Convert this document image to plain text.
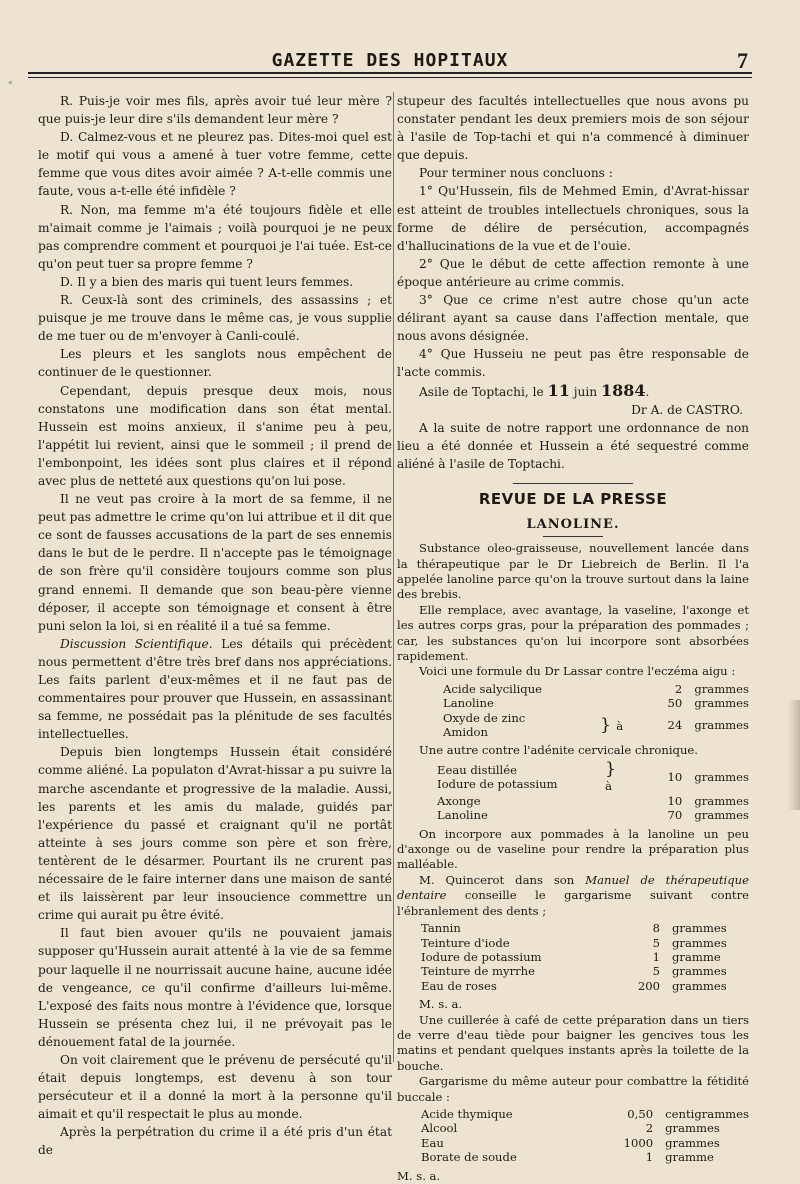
«
GAZETTE DES HOPITAUX	7

R. Puis-je voir mes fils, après avoir tué leur mère ? que puis-je leur dire s'ils demandent leur mère ?

D. Calmez-vous et ne pleurez pas. Dites-moi quel est le motif qui vous a amené à tuer votre femme, cette femme que vous dites avoir aimée ? A-t-elle commis une faute, vous a-t-elle été infidèle ?

R. Non, ma femme m'a été toujours fidèle et elle m'aimait comme je l'aimais ; voilà pourquoi je ne peux pas comprendre comment et pourquoi je l'ai tuée. Est-ce qu'on peut tuer sa propre femme ?

D. Il y a bien des maris qui tuent leurs femmes.

R. Ceux-là sont des criminels, des assassins ; et puisque je me trouve dans le même cas, je vous supplie de me tuer ou de m'envoyer à Canli-coulé.

Les pleurs et les sanglots nous empêchent de continuer de le questionner.

Cependant, depuis presque deux mois, nous constatons une modification dans son état mental. Hussein est moins anxieux, il s'anime peu à peu, l'appétit lui revient, ainsi que le sommeil ; il prend de l'embonpoint, les idées sont plus claires et il répond avec plus de netteté aux questions qu'on lui pose.

Il ne veut pas croire à la mort de sa femme, il ne peut pas admettre le crime qu'on lui attribue et il dit que ce sont de fausses accusations de la part de ses ennemis dans le but de le perdre. Il n'accepte pas le témoignage de son frère qu'il considère toujours comme son plus grand ennemi. Il demande que son beau-père vienne déposer, il accepte son témoignage et consent à être puni selon la loi, si en réalité il a tué sa femme.

Discussion Scientifique. Les détails qui précèdent nous permettent d'être très bref dans nos appréciations. Les faits parlent d'eux-mêmes et il ne faut pas de commentaires pour prouver que Hussein, en assassinant sa femme, ne possédait pas la plénitude de ses facultés intellectuelles.

Depuis bien longtemps Hussein était considéré comme aliéné. La populaton d'Avrat-hissar a pu suivre la marche ascendante et progressive de la maladie. Aussi, les parents et les amis du malade, guidés par l'expérience du passé et craignant qu'il ne portât atteinte à ses jours comme son père et son frère, tentèrent de le désarmer. Pourtant ils ne crurent pas nécessaire de le faire interner dans une maison de santé et ils laissèrent par leur insoucience commettre un crime qui aurait pu être évité.

Il faut bien avouer qu'ils ne pouvaient jamais supposer qu'Hussein aurait attenté à la vie de sa femme pour laquelle il ne nourrissait aucune haine, aucune idée de vengeance, ce qu'il confirme d'ailleurs lui-même. L'exposé des faits nous montre à l'évidence que, lorsque Hussein se présenta chez lui, il ne prévoyait pas le dénouement fatal de la journée.

On voit clairement que le prévenu de persécuté qu'il était depuis longtemps, est devenu à son tour persécuteur et il a donné la mort à la personne qu'il aimait et qu'il respectait le plus au monde.

Après la perpétration du crime il a été pris d'un état de

stupeur des facultés intellectuelles que nous avons pu constater pendant les deux premiers mois de son séjour à l'asile de Top-tachi et qui n'a commencé à diminuer que depuis.

Pour terminer nous concluons :

1° Qu'Hussein, fils de Mehmed Emin, d'Avrat-hissar est atteint de troubles intellectuels chroniques, sous la forme de délire de persécution, accompagnés d'hallucinations de la vue et de l'ouie.

2° Que le début de cette affection remonte à une époque antérieure au crime commis.

3° Que ce crime n'est autre chose qu'un acte délirant ayant sa cause dans l'affection mentale, que nous avons désignée.

4° Que Husseiu ne peut pas être responsable de l'acte commis.

Asile de Toptachi, le 11 juin 1884.

Dr A. de CASTRO.

A la suite de notre rapport une ordonnance de non lieu a été donnée et Hussein a été sequestré comme aliéné à l'asile de Toptachi.

REVUE DE LA PRESSE
LANOLINE.

Substance oleo-graisseuse, nouvellement lancée dans la thérapeutique par le Dr Liebreich de Berlin. Il l'a appelée lanoline parce qu'on la trouve surtout dans la laine des brebis.

Elle remplace, avec avantage, la vaseline, l'axonge et les autres corps gras, pour la préparation des pommades ; car, les substances qu'on lui incorpore sont absorbées rapidement.

Voici une formule du Dr Lassar contre l'eczéma aigu :

Acide salycilique		2	grammes
Lanoline		50	grammes

Oxyde de zinc
Amidon	} à	24	grammes

Une autre contre l'adénite cervicale chronique.

Eeau distillée
Iodure de potassium	} à	10	grammes
Axonge		10	grammes
Lanoline		70	grammes

On incorpore aux pommades à la lanoline un peu d'axonge ou de vaseline pour rendre la préparation plus malléable.

M. Quincerot dans son Manuel de thérapeutique dentaire conseille le gargarisme suivant contre l'ébranlement des dents ;

Tannin		8	grammes
Teinture d'iode		5	grammes
Iodure de potassium		1	gramme
Teinture de myrrhe		5	grammes
Eau de roses		200	grammes

M. s. a.

Une cuillerée à café de cette préparation dans un tiers de verre d'eau tiède pour baigner les gencives tous les matins et pendant quelques instants après la toilette de la bouche.

Gargarisme du même auteur pour combattre la fétidité buccale :

Acide thymique		0,50	centigrammes
Alcool		2	grammes
Eau		1000	grammes
Borate de soude		1	gramme

M. s. a.
